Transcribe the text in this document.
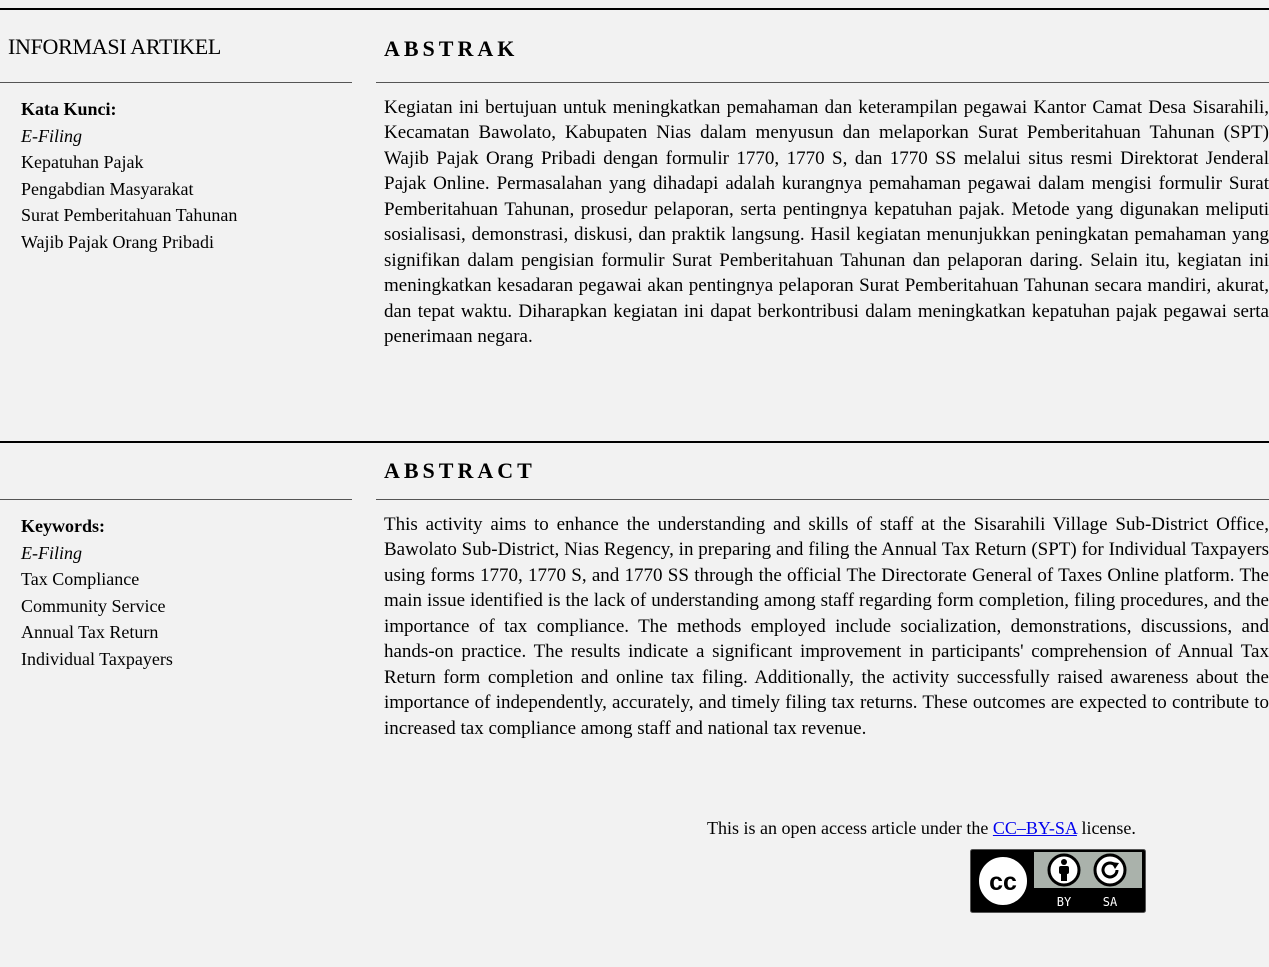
INFORMASI ARTIKEL	ABSTRAK
Kata Kunci:
E-Filing
Kepatuhan Pajak
Pengabdian Masyarakat
Surat Pemberitahuan Tahunan
Wajib Pajak Orang Pribadi
Kegiatan ini bertujuan untuk meningkatkan pemahaman dan keterampilan pegawai Kantor Camat Desa Sisarahili, Kecamatan Bawolato, Kabupaten Nias dalam menyusun dan melaporkan Surat Pemberitahuan Tahunan (SPT) Wajib Pajak Orang Pribadi dengan formulir 1770, 1770 S, dan 1770 SS melalui situs resmi Direktorat Jenderal Pajak Online. Permasalahan yang dihadapi adalah kurangnya pemahaman pegawai dalam mengisi formulir Surat Pemberitahuan Tahunan, prosedur pelaporan, serta pentingnya kepatuhan pajak. Metode yang digunakan meliputi sosialisasi, demonstrasi, diskusi, dan praktik langsung. Hasil kegiatan menunjukkan peningkatan pemahaman yang signifikan dalam pengisian formulir Surat Pemberitahuan Tahunan dan pelaporan daring. Selain itu, kegiatan ini meningkatkan kesadaran pegawai akan pentingnya pelaporan Surat Pemberitahuan Tahunan secara mandiri, akurat, dan tepat waktu. Diharapkan kegiatan ini dapat berkontribusi dalam meningkatkan kepatuhan pajak pegawai serta penerimaan negara.
ABSTRACT
Keywords:
E-Filing
Tax Compliance
Community Service
Annual Tax Return
Individual Taxpayers
This activity aims to enhance the understanding and skills of staff at the Sisarahili Village Sub-District Office, Bawolato Sub-District, Nias Regency, in preparing and filing the Annual Tax Return (SPT) for Individual Taxpayers using forms 1770, 1770 S, and 1770 SS through the official The Directorate General of Taxes Online platform. The main issue identified is the lack of understanding among staff regarding form completion, filing procedures, and the importance of tax compliance. The methods employed include socialization, demonstrations, discussions, and hands-on practice. The results indicate a significant improvement in participants' comprehension of Annual Tax Return form completion and online tax filing. Additionally, the activity successfully raised awareness about the importance of independently, accurately, and timely filing tax returns. These outcomes are expected to contribute to increased tax compliance among staff and national tax revenue.
This is an open access article under the CC–BY-SA license.
cc
BY	SA
